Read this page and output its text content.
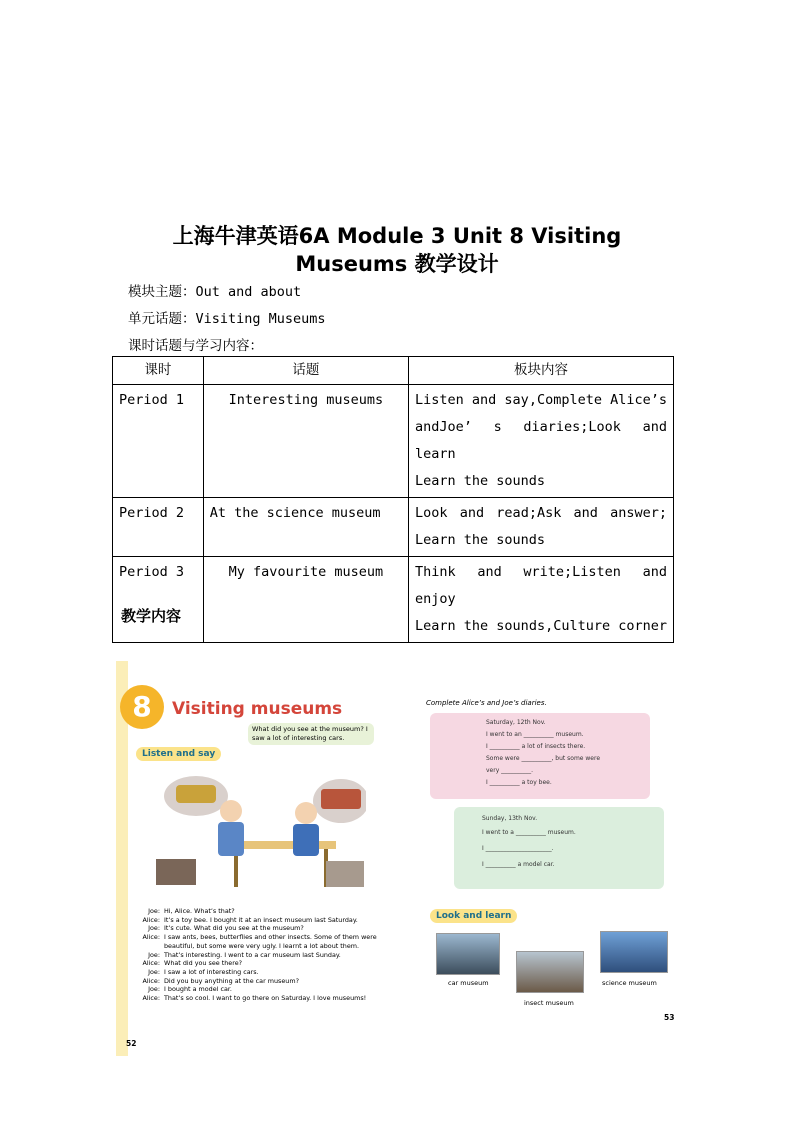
上海牛津英语6A Module 3 Unit 8 Visiting
Museums 教学设计
模块主题：Out and about
单元话题：Visiting Museums
课时话题与学习内容：
课时	话题	板块内容

Period 1	Interesting museums	Listen and say,Complete Alice’s
andJoe’ s diaries;Look and learn
Learn the sounds

Period 2	At the science museum	Look and read;Ask and answer;
Learn the sounds

Period 3	My favourite museum	Think and write;Listen and enjoy
Learn the sounds,Culture corner
教学内容
8	Visiting museums
What did you see at the museum? I saw a lot of interesting cars.
Listen and say
Joe: Hi, Alice. What’s that?
Alice: It’s a toy bee. I bought it at an insect museum last Saturday.
Joe: It’s cute. What did you see at the museum?
Alice: I saw ants, bees, butterflies and other insects. Some of them were beautiful, but some were very ugly. I learnt a lot about them.
Joe: That’s interesting. I went to a car museum last Sunday.
Alice: What did you see there?
Joe: I saw a lot of interesting cars.
Alice: Did you buy anything at the car museum?
Joe: I bought a model car.
Alice: That’s so cool. I want to go there on Saturday. I love museums!
52
Complete Alice’s and Joe’s diaries.
Saturday, 12th Nov.
I went to an __________ museum.
I __________ a lot of insects there.
Some were __________, but some were
very __________.
I __________ a toy bee.
Sunday, 13th Nov.
I went to a __________ museum.
I ______________________.
I __________ a model car.
Look and learn
car museum
insect museum
science museum
53
